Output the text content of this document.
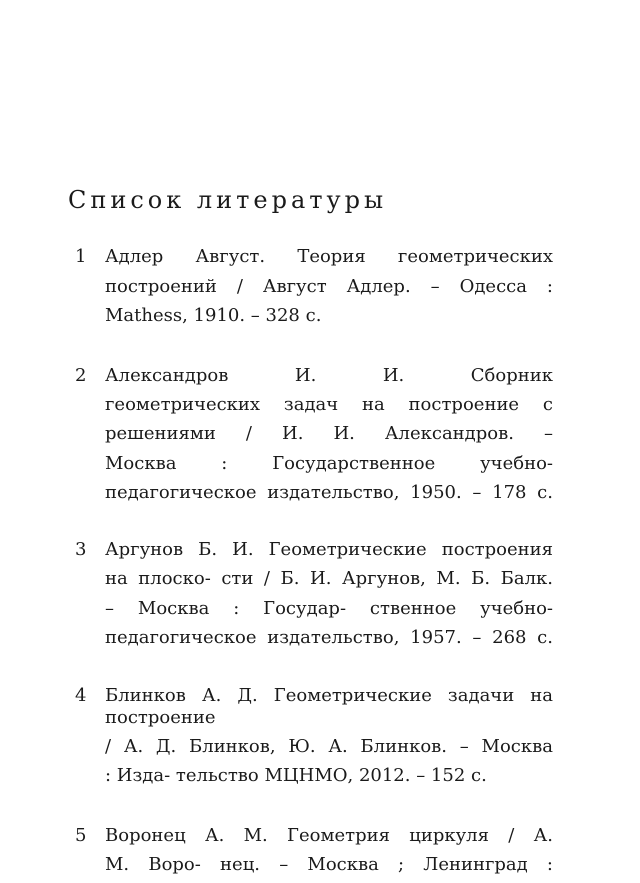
Список литературы
1 Адлер Август. Теория геометрических
построений / Август Адлер. – Одесса :
Mathess, 1910. – 328 с.
2 Александров И. И. Сборник
геометрических задач на построение с
решениями / И. И. Александров. –
Москва : Государственное учебно-
педагогическое издательство, 1950. – 178 с.
3 Аргунов Б. И. Геометрические построения
на плоско- сти / Б. И. Аргунов, М. Б. Балк.
– Москва : Государ- ственное учебно-
педагогическое издательство, 1957. – 268 с.
4 Блинков А. Д. Геометрические задачи на
построение
/ А. Д. Блинков, Ю. А. Блинков. – Москва
: Изда- тельство МЦНМО, 2012. – 152 с.
5 Воронец А. М. Геометрия циркуля / А.
М. Воро- нец. – Москва ; Ленинград :
